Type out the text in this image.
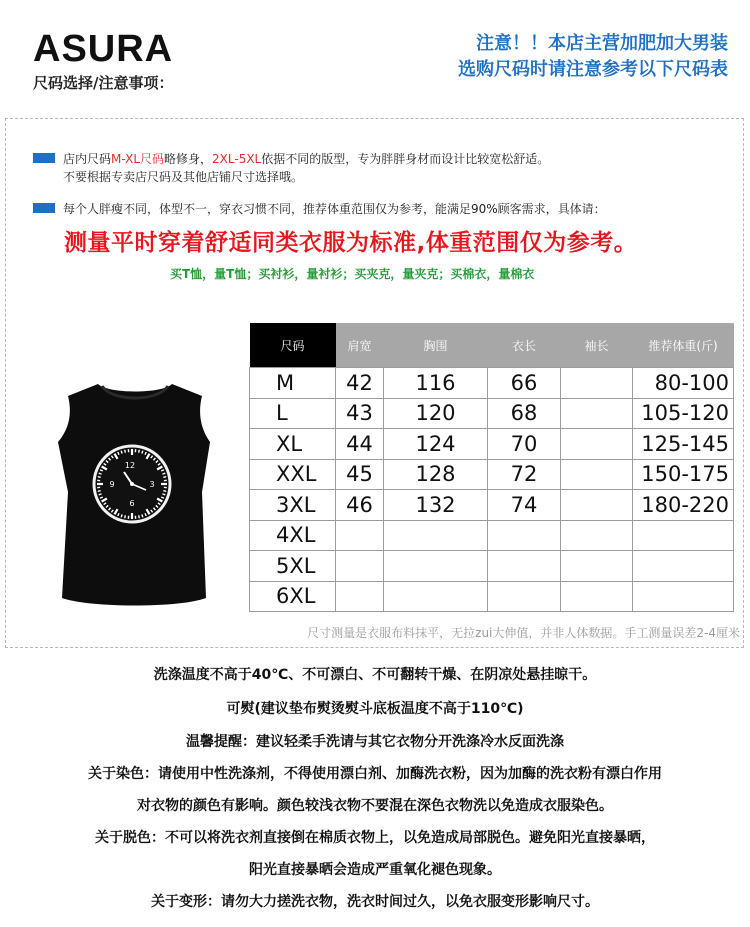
ASURA
尺码选择/注意事项：
注意！！本店主营加肥加大男装
选购尺码时请注意参考以下尺码表
店内尺码M-XL尺码略修身，2XL-5XL依据不同的版型，专为胖胖身材而设计比较宽松舒适。
不要根据专卖店尺码及其他店铺尺寸选择哦。
每个人胖瘦不同，体型不一，穿衣习惯不同，推荐体重范围仅为参考，能满足90%顾客需求，具体请：
测量平时穿着舒适同类衣服为标准,体重范围仅为参考。
买T恤，量T恤；买衬衫，量衬衫；买夹克，量夹克；买棉衣，量棉衣
12
3
6
9
尺码	肩宽	胸围	衣长	袖长	推荐体重(斤)
M	42	116	66		80-100
L	43	120	68		105-120
XL	44	124	70		125-145
XXL	45	128	72		150-175
3XL	46	132	74		180-220
4XL					
5XL					
6XL					
尺寸测量是衣服布料抹平，无拉zui大伸值，并非人体数据。手工测量误差2-4厘米
洗涤温度不高于40℃、不可漂白、不可翻转干燥、在阴凉处悬挂晾干。
可熨(建议垫布熨烫熨斗底板温度不高于110℃)
温馨提醒：建议轻柔手洗请与其它衣物分开洗涤冷水反面洗涤
关于染色：请使用中性洗涤剂，不得使用漂白剂、加酶洗衣粉，因为加酶的洗衣粉有漂白作用
对衣物的颜色有影响。颜色较浅衣物不要混在深色衣物洗以免造成衣服染色。
关于脱色：不可以将洗衣剂直接倒在棉质衣物上，以免造成局部脱色。避免阳光直接暴晒，
阳光直接暴晒会造成严重氧化褪色现象。
关于变形：请勿大力搓洗衣物，洗衣时间过久，以免衣服变形影响尺寸。
